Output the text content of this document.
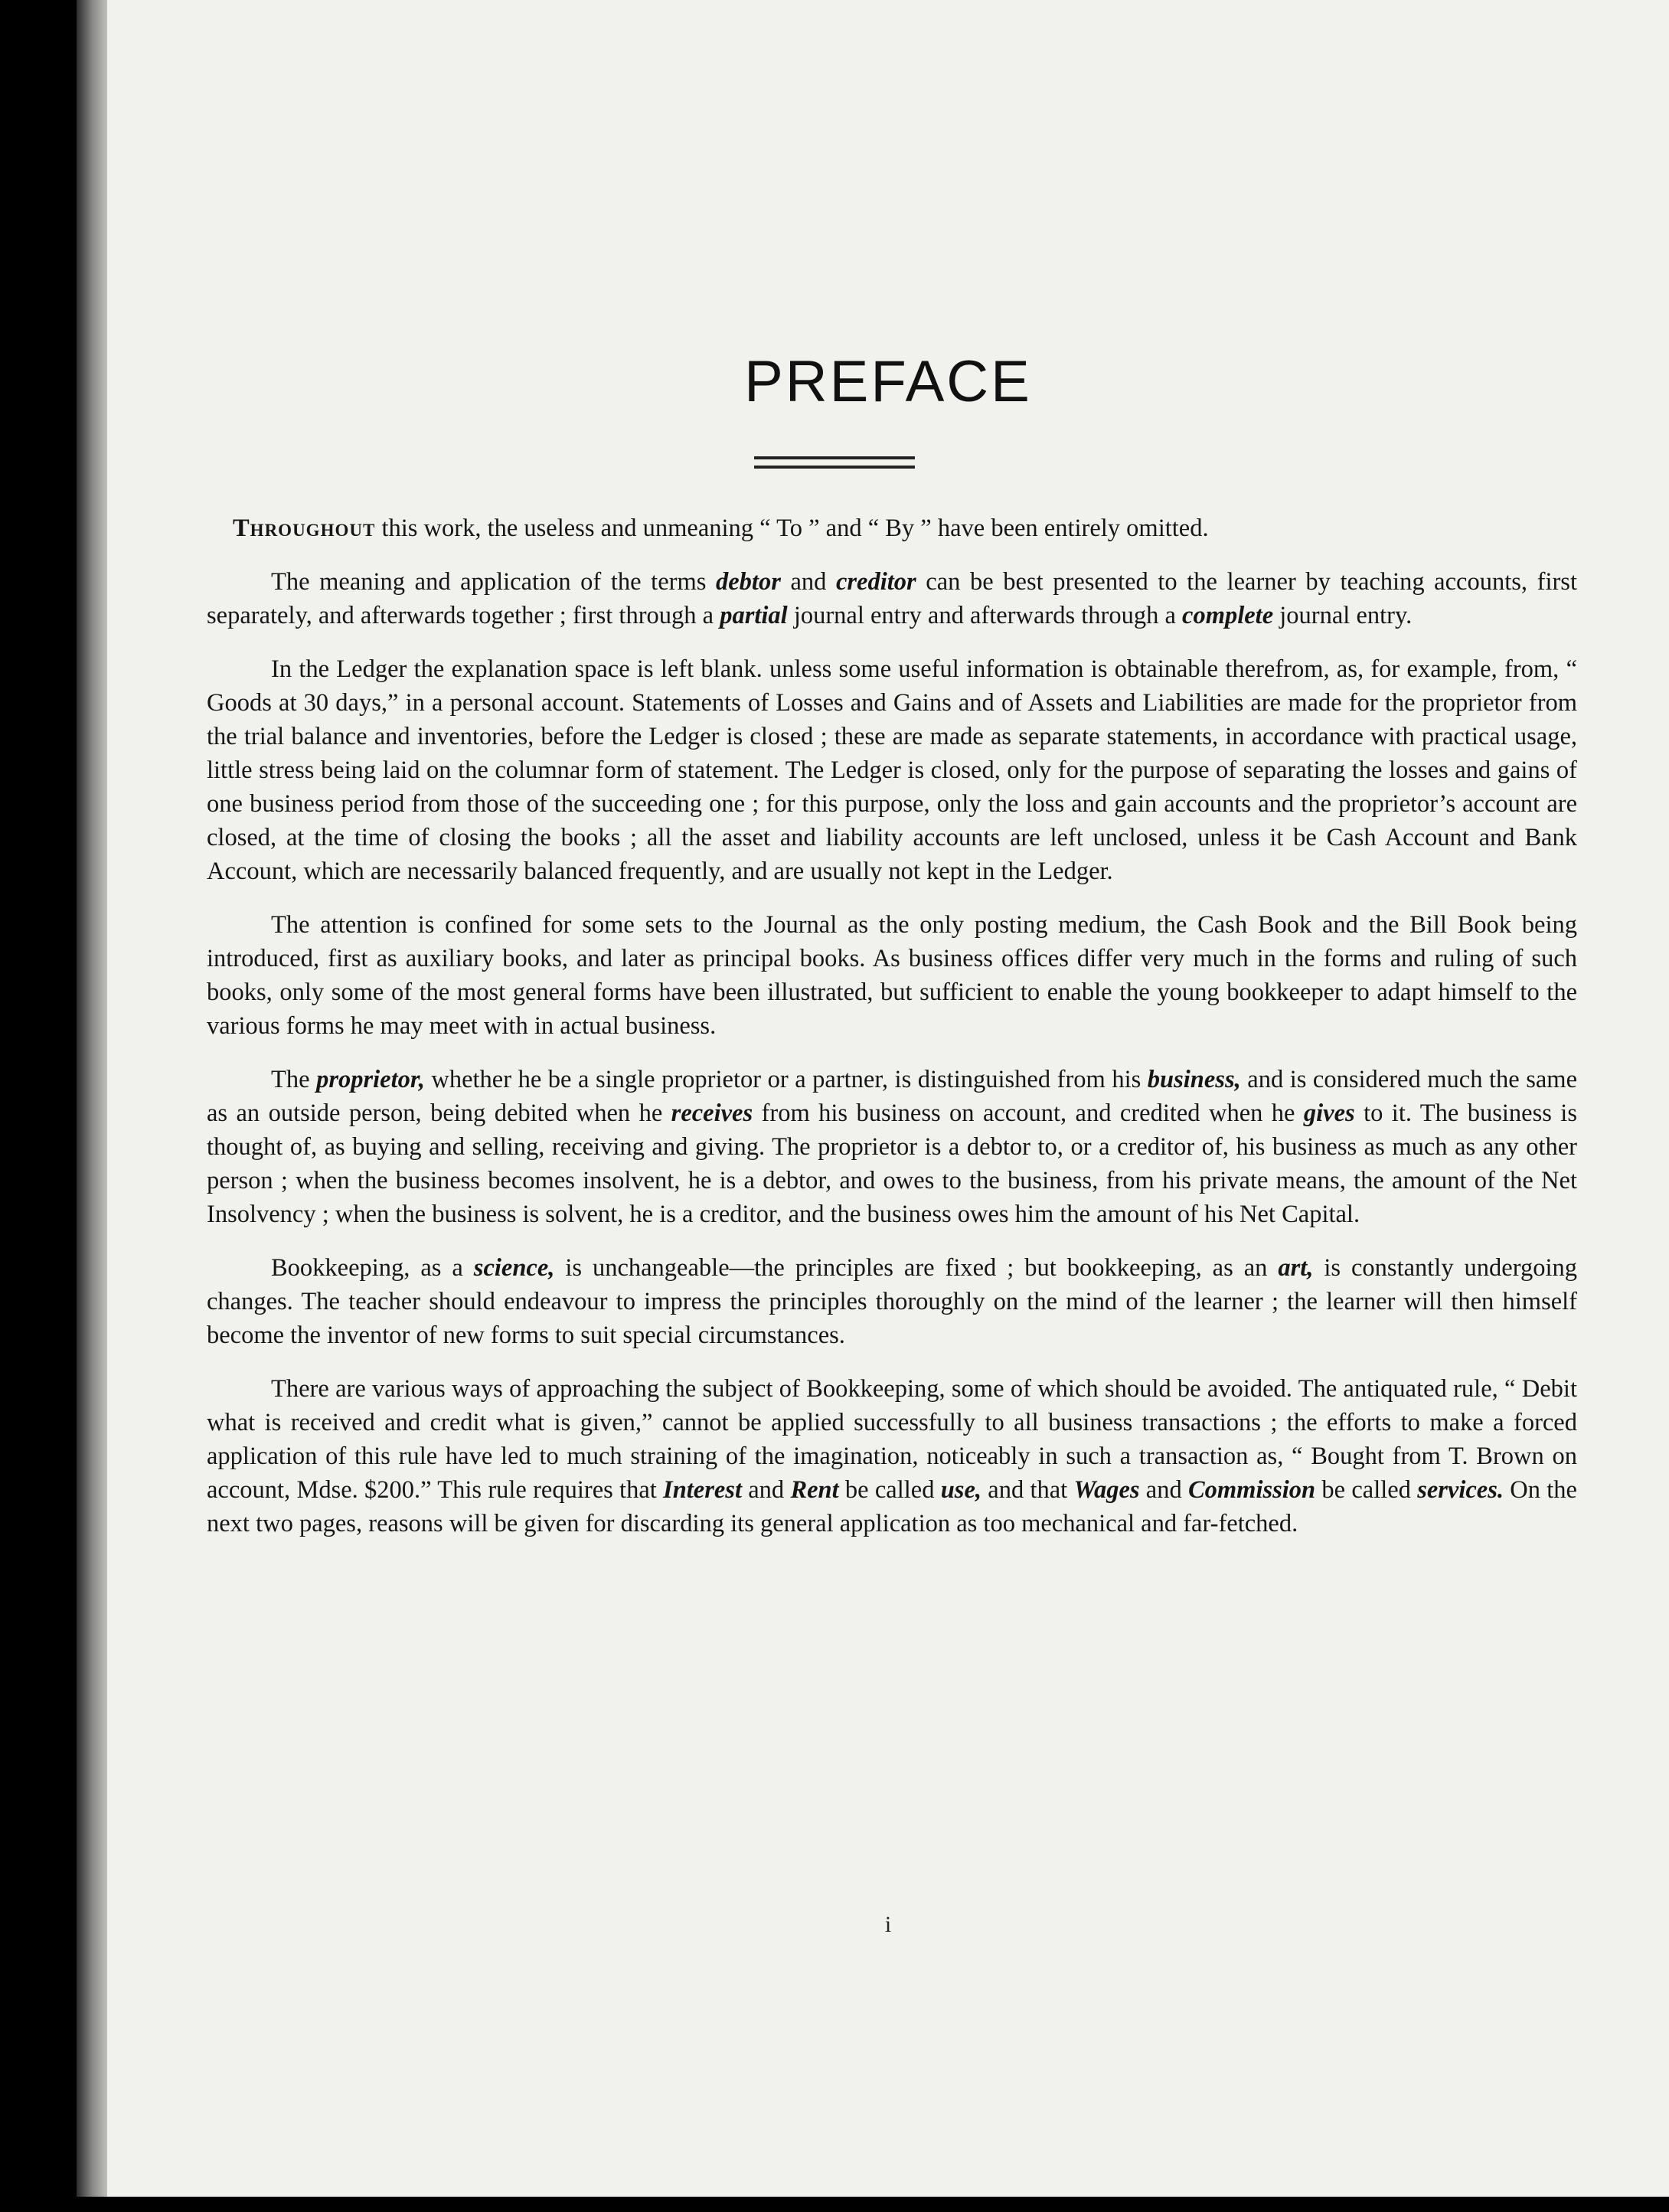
PREFACE

Throughout this work, the useless and unmeaning “ To ” and “ By ” have been entirely omitted.

The meaning and application of the terms debtor and creditor can be best presented to the learner by teaching accounts, first separately, and afterwards together ; first through a partial journal entry and afterwards through a complete journal entry.

In the Ledger the explanation space is left blank. unless some useful information is obtainable therefrom, as, for example, from, “ Goods at 30 days,” in a personal account. Statements of Losses and Gains and of Assets and Liabilities are made for the proprietor from the trial balance and inventories, before the Ledger is closed ; these are made as separate statements, in accordance with practical usage, little stress being laid on the columnar form of statement. The Ledger is closed, only for the purpose of separating the losses and gains of one business period from those of the succeeding one ; for this purpose, only the loss and gain accounts and the proprietor’s account are closed, at the time of closing the books ; all the asset and liability accounts are left unclosed, unless it be Cash Account and Bank Account, which are necessarily balanced frequently, and are usually not kept in the Ledger.

The attention is confined for some sets to the Journal as the only posting medium, the Cash Book and the Bill Book being introduced, first as auxiliary books, and later as principal books. As business offices differ very much in the forms and ruling of such books, only some of the most general forms have been illustrated, but sufficient to enable the young bookkeeper to adapt himself to the various forms he may meet with in actual business.

The proprietor, whether he be a single proprietor or a partner, is distinguished from his business, and is considered much the same as an outside person, being debited when he receives from his business on account, and credited when he gives to it. The business is thought of, as buying and selling, receiving and giving. The proprietor is a debtor to, or a creditor of, his business as much as any other person ; when the business becomes insolvent, he is a debtor, and owes to the business, from his private means, the amount of the Net Insolvency ; when the business is solvent, he is a creditor, and the business owes him the amount of his Net Capital.

Bookkeeping, as a science, is unchangeable—the principles are fixed ; but bookkeeping, as an art, is constantly undergoing changes. The teacher should endeavour to impress the principles thoroughly on the mind of the learner ; the learner will then himself become the inventor of new forms to suit special circumstances.

There are various ways of approaching the subject of Bookkeeping, some of which should be avoided. The antiquated rule, “ Debit what is received and credit what is given,” cannot be applied successfully to all business transactions ; the efforts to make a forced application of this rule have led to much straining of the imagination, noticeably in such a transaction as, “ Bought from T. Brown on account, Mdse. $200.” This rule requires that Interest and Rent be called use, and that Wages and Commission be called services. On the next two pages, reasons will be given for discarding its general application as too mechanical and far-fetched.

i
